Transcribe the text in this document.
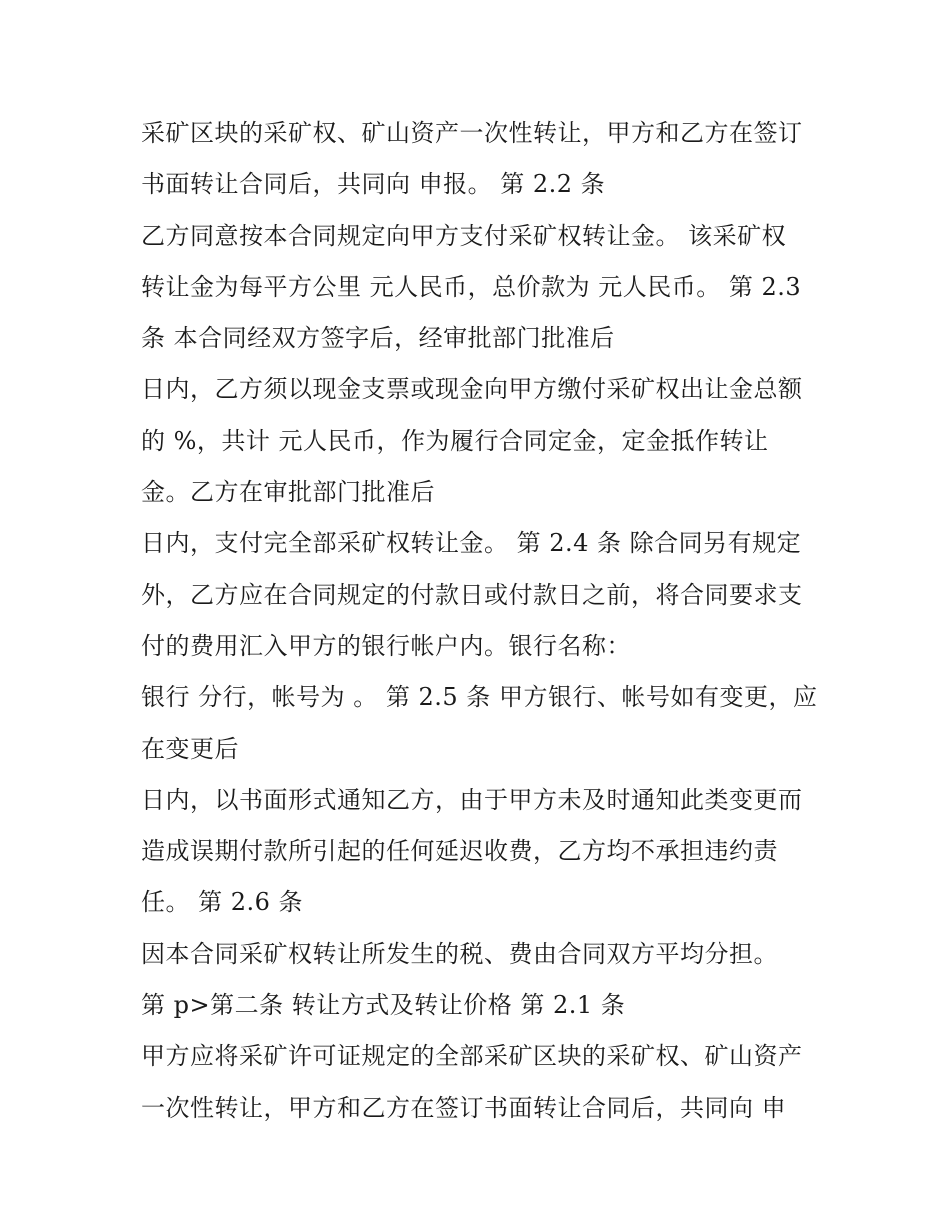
采矿区块的采矿权、矿山资产一次性转让，甲方和乙方在签订
书面转让合同后，共同向 申报。 第 2.2 条
乙方同意按本合同规定向甲方支付采矿权转让金。 该采矿权
转让金为每平方公里 元人民币，总价款为 元人民币。 第 2.3
条 本合同经双方签字后，经审批部门批准后
日内，乙方须以现金支票或现金向甲方缴付采矿权出让金总额
的 %，共计 元人民币，作为履行合同定金，定金抵作转让
金。乙方在审批部门批准后
日内，支付完全部采矿权转让金。 第 2.4 条 除合同另有规定
外，乙方应在合同规定的付款日或付款日之前，将合同要求支
付的费用汇入甲方的银行帐户内。银行名称：
银行 分行，帐号为 。 第 2.5 条 甲方银行、帐号如有变更，应
在变更后
日内，以书面形式通知乙方，由于甲方未及时通知此类变更而
造成误期付款所引起的任何延迟收费，乙方均不承担违约责
任。 第 2.6 条
因本合同采矿权转让所发生的税、费由合同双方平均分担。
第 p>第二条 转让方式及转让价格 第 2.1 条
甲方应将采矿许可证规定的全部采矿区块的采矿权、矿山资产
一次性转让，甲方和乙方在签订书面转让合同后，共同向 申
